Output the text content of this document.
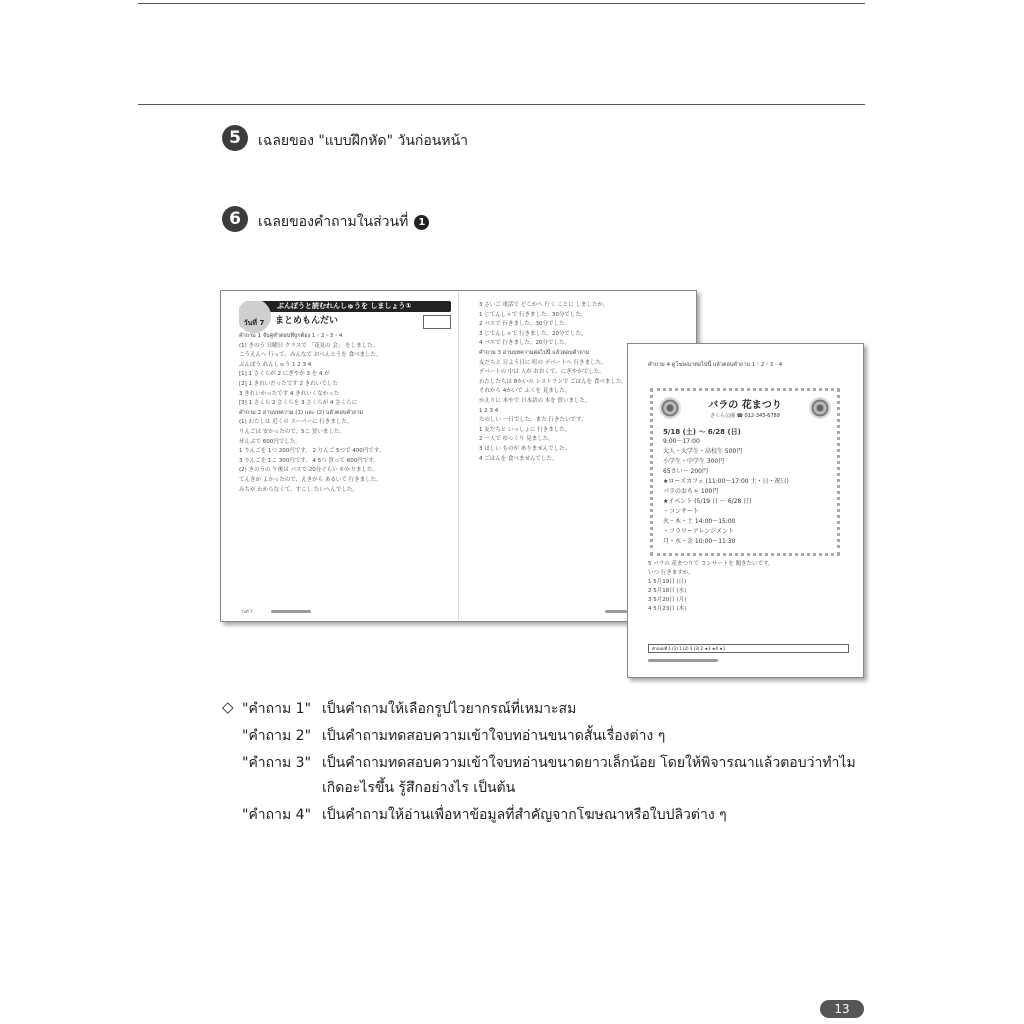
5	เฉลยของ "แบบฝึกหัด" วันก่อนหน้า
6	เฉลยของคำถามในส่วนที่	1
วันที่ 7
ぶんぽうと読むれんしゅうを しましょう①
まとめもんだい
คำถาม 1 จับคู่คำตอบที่ถูกต้อง 1・2・3・4
(1) きのう 日曜日 クラスで 「花見の 会」 をしました。
こうえんへ 行って、みんなで おべんとうを 食べました。
ぶんぽう れんしゅう 1 2 3 4
[1] 1 さくらが 2 にぎやか 3 を 4 が
[2] 1 きれいだったです 2 きれいでした
3 きれいかったです 4 きれいくなかった
[3] 1 さくら 2 さくらを 3 さくらが 4 さくらに
คำถาม 2 อ่านบทความ (1) และ (2) แล้วตอบคำถาม
(1) わたしは 近くの スーパーに 行きました。
りんごは 安かったので、5こ 買いました。
ぜんぶで 600円でした。
1 りんごを 1つ 200円です。 2 りんご 5つで 400円です。
3 りんごを 1こ 300円です。 4 5つ 買って 600円です。
(2) きのうの 午後は バスで 20分ぐらい かかりました。
てんきが よかったので、えきから あるいて 行きました。
みちが わからなくて、すこし たいへんでした。
3 さいご 電話で どこかへ 行く ことに しましたか。
1 じてんしゃで 行きました。30分でした。
2 バスで 行きました。30分でした。
3 じてんしゃで 行きました。20分でした。
4 バスで 行きました。20分でした。
คำถาม 3 อ่านบทความต่อไปนี้ แล้วตอบคำถาม
友だちと 日よう日に 町の デパートへ 行きました。
デパートの 中は 人が おおくて、にぎやかでした。
わたしたちは 8かいの レストランで ごはんを 食べました。
それから 4かいで ふくを 見ました。
かえりに 本やで 日本語の 本を 買いました。
1 2 3 4
たのしい 一日でした。また 行きたいです。
1 友だちと いっしょに 行きました。
2 一人で ゆっくり 見ました。
3 ほしい ものが ありませんでした。
4 ごはんを 食べませんでした。
วันที่ 7
คำถาม 4 ดูโฆษณาต่อไปนี้ แล้วตอบคำถาม 1・2・3・4
バラの 花まつり
さくら公園 ☎ 012-345-6789
5/18 (土) ～ 6/28 (日)
9:00～17:00
大人・大学生・高校生 500円
小学生・中学生 300円
65さい～ 200円
★ローズカフェ (11:00～17:00 土・日・祝日)
バラのおちゃ 100円
★イベント (5/19 日 ～ 6/28 日)
・コンサート
火・木・土 14:00～15:00
・フラワーアレンジメント
月・水・金 10:00～11:30
5 バラの 花まつりで コンサートを 聞きたいです。
いつ 行きますか。
1 5月19日 (日)
2 5月18日 (水)
3 5月20日 (月)
4 5月23日 (木)
คำตอบที่ 1 (1) 1 (2) 3 (3) 2 ★3 ★4 ★1
◇ "คำถาม 1" เป็นคำถามให้เลือกรูปไวยากรณ์ที่เหมาะสม
"คำถาม 2" เป็นคำถามทดสอบความเข้าใจบทอ่านขนาดสั้นเรื่องต่าง ๆ
"คำถาม 3" เป็นคำถามทดสอบความเข้าใจบทอ่านขนาดยาวเล็กน้อย โดยให้พิจารณาแล้วตอบว่าทำไม
เกิดอะไรขึ้น รู้สึกอย่างไร เป็นต้น
"คำถาม 4" เป็นคำถามให้อ่านเพื่อหาข้อมูลที่สำคัญจากโฆษณาหรือใบปลิวต่าง ๆ
13
